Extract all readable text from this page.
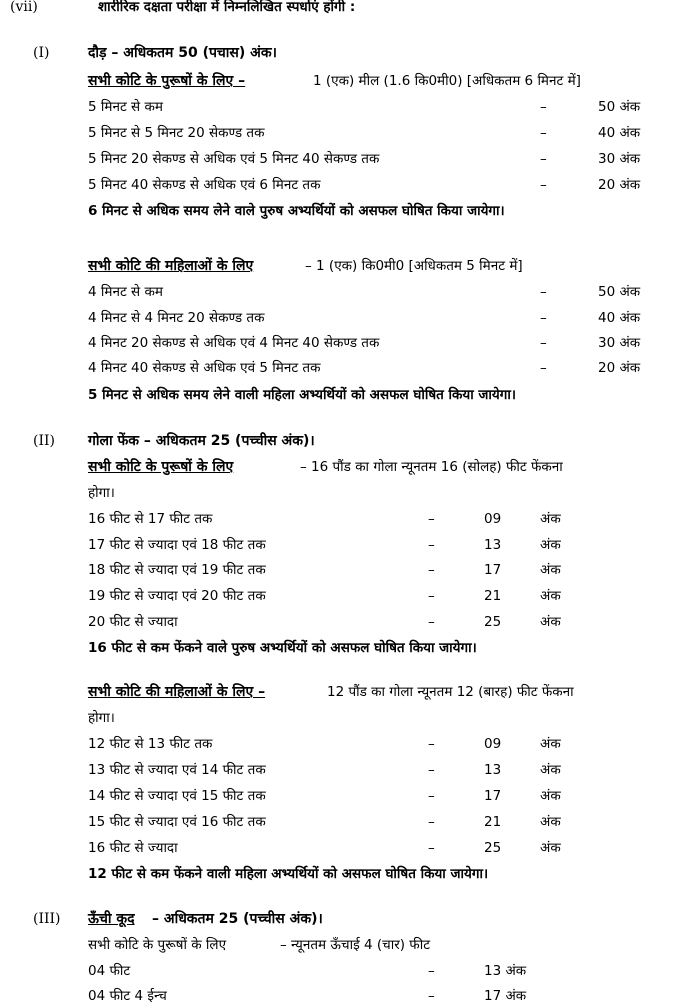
(vii)	शारीरिक दक्षता परीक्षा में निम्नलिखित स्पर्धाएं होंगी :
(I)	दौड़ – अधिकतम 50 (पचास) अंक।
सभी कोटि के पुरूषों के लिए –	1 (एक) मील (1.6 कि0मी0) [अधिकतम 6 मिनट में]
5 मिनट से कम	–	50 अंक
5 मिनट से 5 मिनट 20 सेकण्ड तक	–	40 अंक
5 मिनट 20 सेकण्ड से अधिक एवं 5 मिनट 40 सेकण्ड तक	–	30 अंक
5 मिनट 40 सेकण्ड से अधिक एवं 6 मिनट तक	–	20 अंक
6 मिनट से अधिक समय लेने वाले पुरुष अभ्यर्थियों को असफल घोषित किया जायेगा।
सभी कोटि की महिलाओं के लिए	– 1 (एक) कि0मी0 [अधिकतम 5 मिनट में]
4 मिनट से कम	–	50 अंक
4 मिनट से 4 मिनट 20 सेकण्ड तक	–	40 अंक
4 मिनट 20 सेकण्ड से अधिक एवं 4 मिनट 40 सेकण्ड तक	–	30 अंक
4 मिनट 40 सेकण्ड से अधिक एवं 5 मिनट तक	–	20 अंक
5 मिनट से अधिक समय लेने वाली महिला अभ्यर्थियों को असफल घोषित किया जायेगा।
(II) गोला फेंक – अधिकतम 25 (पच्चीस अंक)।
सभी कोटि के पुरूषों के लिए	– 16 पौंड का गोला न्यूनतम 16 (सोलह) फीट फेंकना
होगा।
16 फीट से 17 फीट तक	–	09	अंक
17 फीट से ज्यादा एवं 18 फीट तक	–	13	अंक
18 फीट से ज्यादा एवं 19 फीट तक	–	17	अंक
19 फीट से ज्यादा एवं 20 फीट तक	–	21	अंक
20 फीट से ज्यादा	–	25	अंक
16 फीट से कम फेंकने वाले पुरुष अभ्यर्थियों को असफल घोषित किया जायेगा।
सभी कोटि की महिलाओं के लिए –	12 पौंड का गोला न्यूनतम 12 (बारह) फीट फेंकना
होगा।
12 फीट से 13 फीट तक	–	09	अंक
13 फीट से ज्यादा एवं 14 फीट तक	–	13	अंक
14 फीट से ज्यादा एवं 15 फीट तक	–	17	अंक
15 फीट से ज्यादा एवं 16 फीट तक	–	21	अंक
16 फीट से ज्यादा	–	25	अंक
12 फीट से कम फेंकने वाली महिला अभ्यर्थियों को असफल घोषित किया जायेगा।
(III) ऊँची कूद – अधिकतम 25 (पच्चीस अंक)।
सभी कोटि के पुरूषों के लिए	– न्यूनतम ऊँचाई 4 (चार) फीट
04 फीट	–	13 अंक
04 फीट 4 ईन्च	–	17 अंक
